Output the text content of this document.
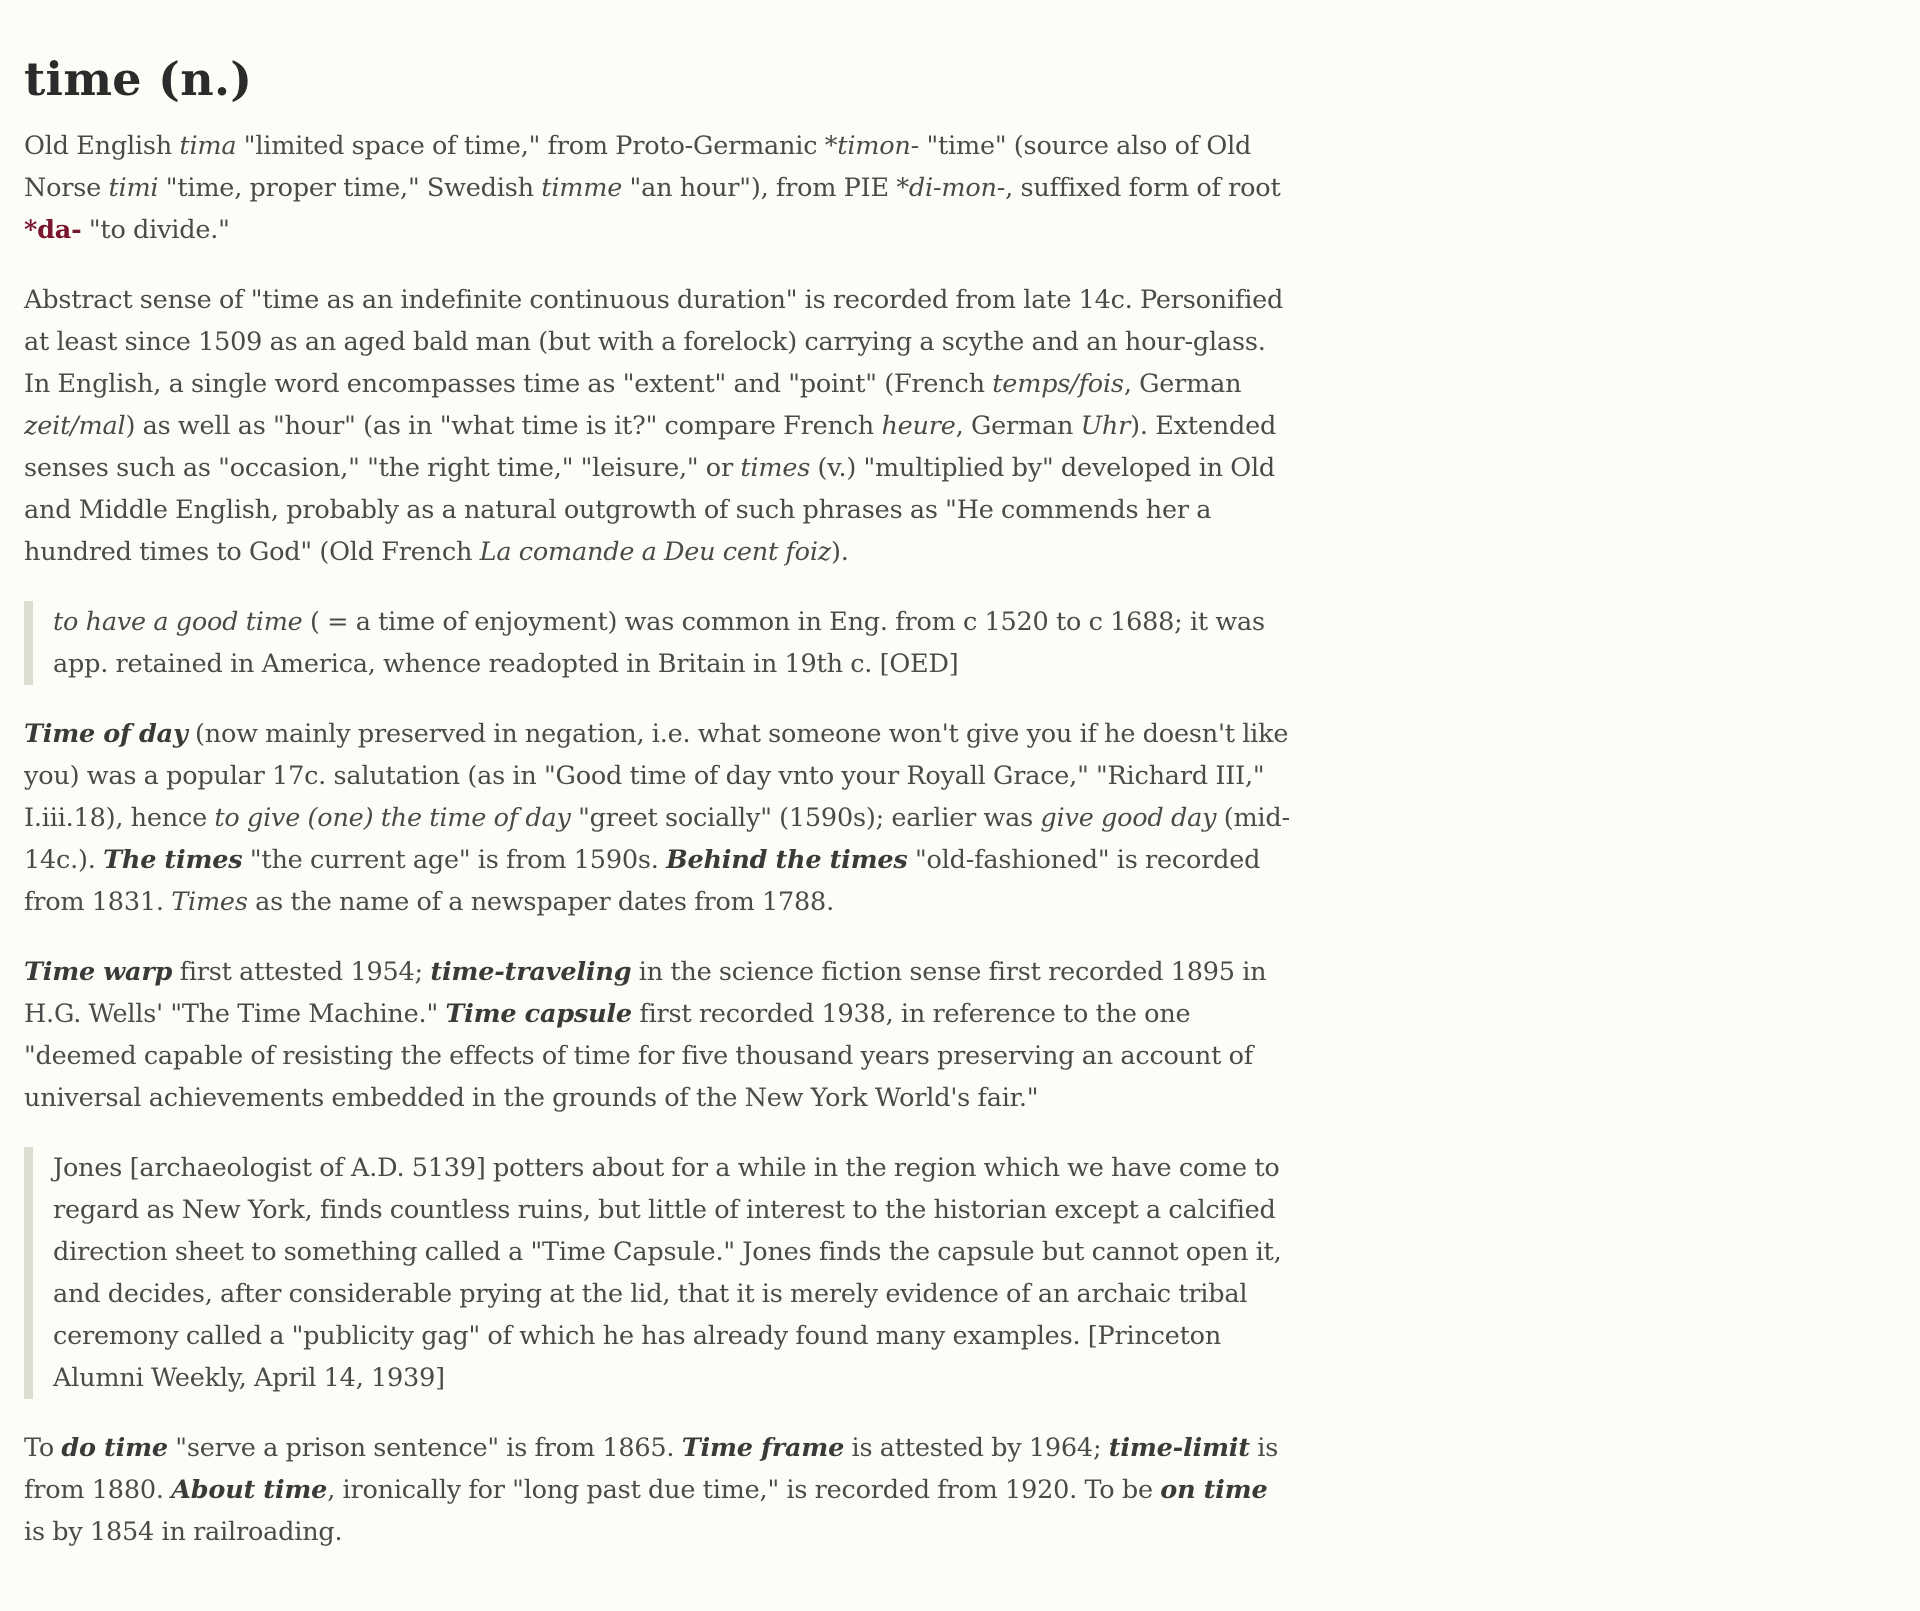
time (n.)

Old English tima "limited space of time," from Proto-Germanic *timon- "time" (source also of Old Norse timi "time, proper time," Swedish timme "an hour"), from PIE *di-mon-, suffixed form of root *da- "to divide."

Abstract sense of "time as an indefinite continuous duration" is recorded from late 14c. Personified at least since 1509 as an aged bald man (but with a forelock) carrying a scythe and an hour-glass. In English, a single word encompasses time as "extent" and "point" (French temps/fois, German zeit/mal) as well as "hour" (as in "what time is it?" compare French heure, German Uhr). Extended senses such as "occasion," "the right time," "leisure," or times (v.) "multiplied by" developed in Old and Middle English, probably as a natural outgrowth of such phrases as "He commends her a hundred times to God" (Old French La comande a Deu cent foiz).

to have a good time ( = a time of enjoyment) was common in Eng. from c 1520 to c 1688; it was app. retained in America, whence readopted in Britain in 19th c. [OED]

Time of day (now mainly preserved in negation, i.e. what someone won't give you if he doesn't like you) was a popular 17c. salutation (as in "Good time of day vnto your Royall Grace," "Richard III," I.iii.18), hence to give (one) the time of day "greet socially" (1590s); earlier was give good day (mid-14c.). The times "the current age" is from 1590s. Behind the times "old-fashioned" is recorded from 1831. Times as the name of a newspaper dates from 1788.

Time warp first attested 1954; time-traveling in the science fiction sense first recorded 1895 in H.G. Wells' "The Time Machine." Time capsule first recorded 1938, in reference to the one "deemed capable of resisting the effects of time for five thousand years preserving an account of universal achievements embedded in the grounds of the New York World's fair."

Jones [archaeologist of A.D. 5139] potters about for a while in the region which we have come to regard as New York, finds countless ruins, but little of interest to the historian except a calcified direction sheet to something called a "Time Capsule." Jones finds the capsule but cannot open it, and decides, after considerable prying at the lid, that it is merely evidence of an archaic tribal ceremony called a "publicity gag" of which he has already found many examples. [Princeton Alumni Weekly, April 14, 1939]

To do time "serve a prison sentence" is from 1865. Time frame is attested by 1964; time-limit is from 1880. About time, ironically for "long past due time," is recorded from 1920. To be on time is by 1854 in railroading.
